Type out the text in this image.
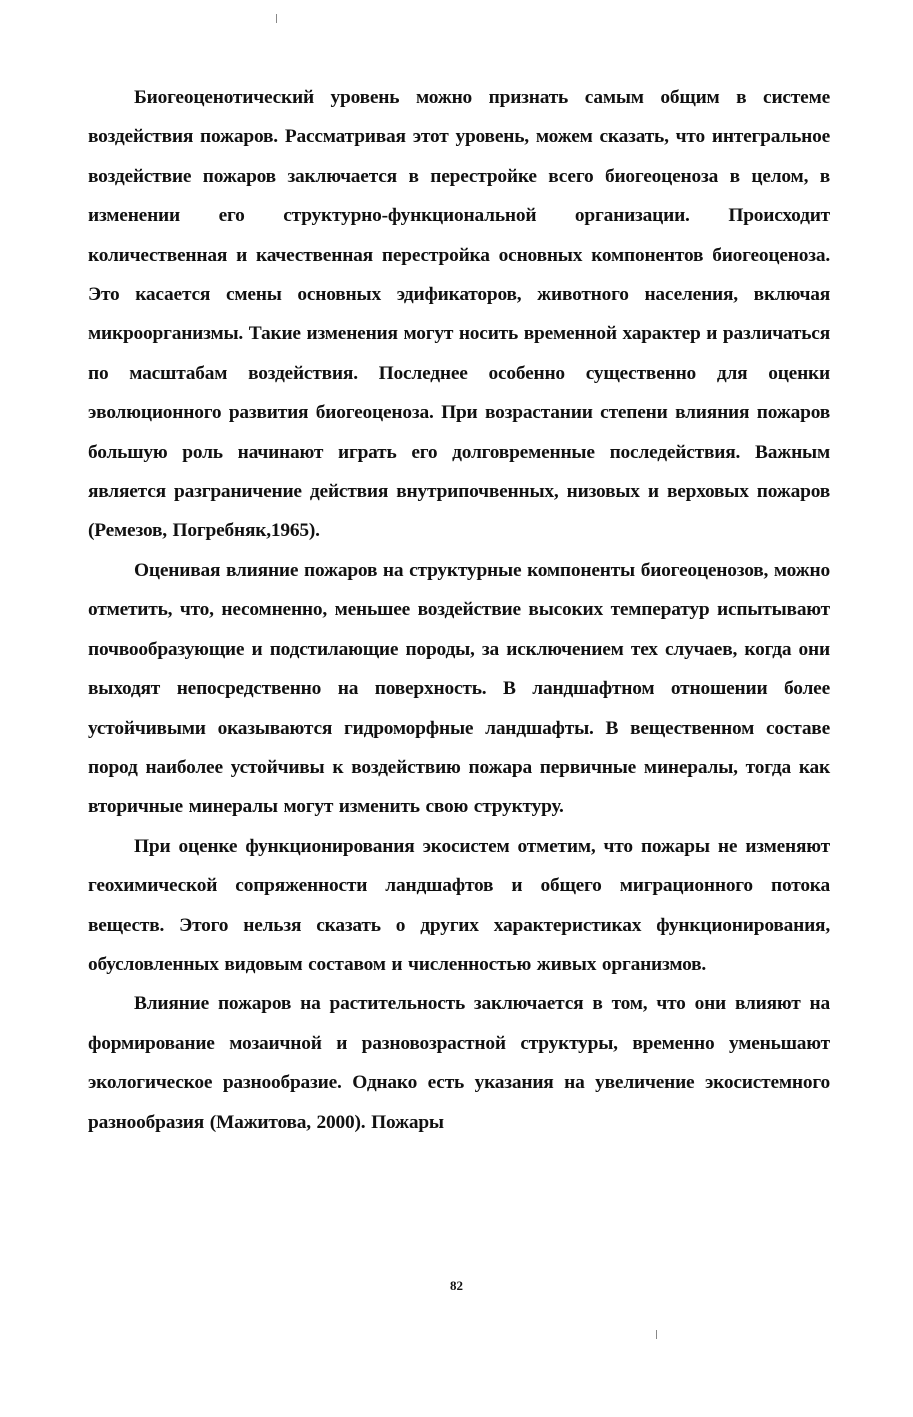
Биогеоценотический уровень можно признать самым общим в системе воздействия пожаров. Рассматривая этот уровень, можем сказать, что интегральное воздействие пожаров заключается в перестройке всего биогеоценоза в целом, в изменении его структурно-функциональной организации. Происходит количественная и качественная перестройка основных компонентов биогеоценоза. Это касается смены основных эдификаторов, животного населения, включая микроорганизмы. Такие изменения могут носить временной характер и различаться по масштабам воздействия. Последнее особенно существенно для оценки эволюционного развития биогеоценоза. При возрастании степени влияния пожаров большую роль начинают играть его долговременные последействия. Важным является разграничение действия внутрипочвенных, низовых и верховых пожаров (Ремезов, Погребняк,1965).

Оценивая влияние пожаров на структурные компоненты биогеоценозов, можно отметить, что, несомненно, меньшее воздействие высоких температур испытывают почвообразующие и подстилающие породы, за исключением тех случаев, когда они выходят непосредственно на поверхность. В ландшафтном отношении более устойчивыми оказываются гидроморфные ландшафты. В вещественном составе пород наиболее устойчивы к воздействию пожара первичные минералы, тогда как вторичные минералы могут изменить свою структуру.

При оценке функционирования экосистем отметим, что пожары не изменяют геохимической сопряженности ландшафтов и общего миграционного потока веществ. Этого нельзя сказать о других характеристиках функционирования, обусловленных видовым составом и численностью живых организмов.

Влияние пожаров на растительность заключается в том, что они влияют на формирование мозаичной и разновозрастной структуры, временно уменьшают экологическое разнообразие. Однако есть указания на увеличение экосистемного разнообразия (Мажитова, 2000). Пожары

82
